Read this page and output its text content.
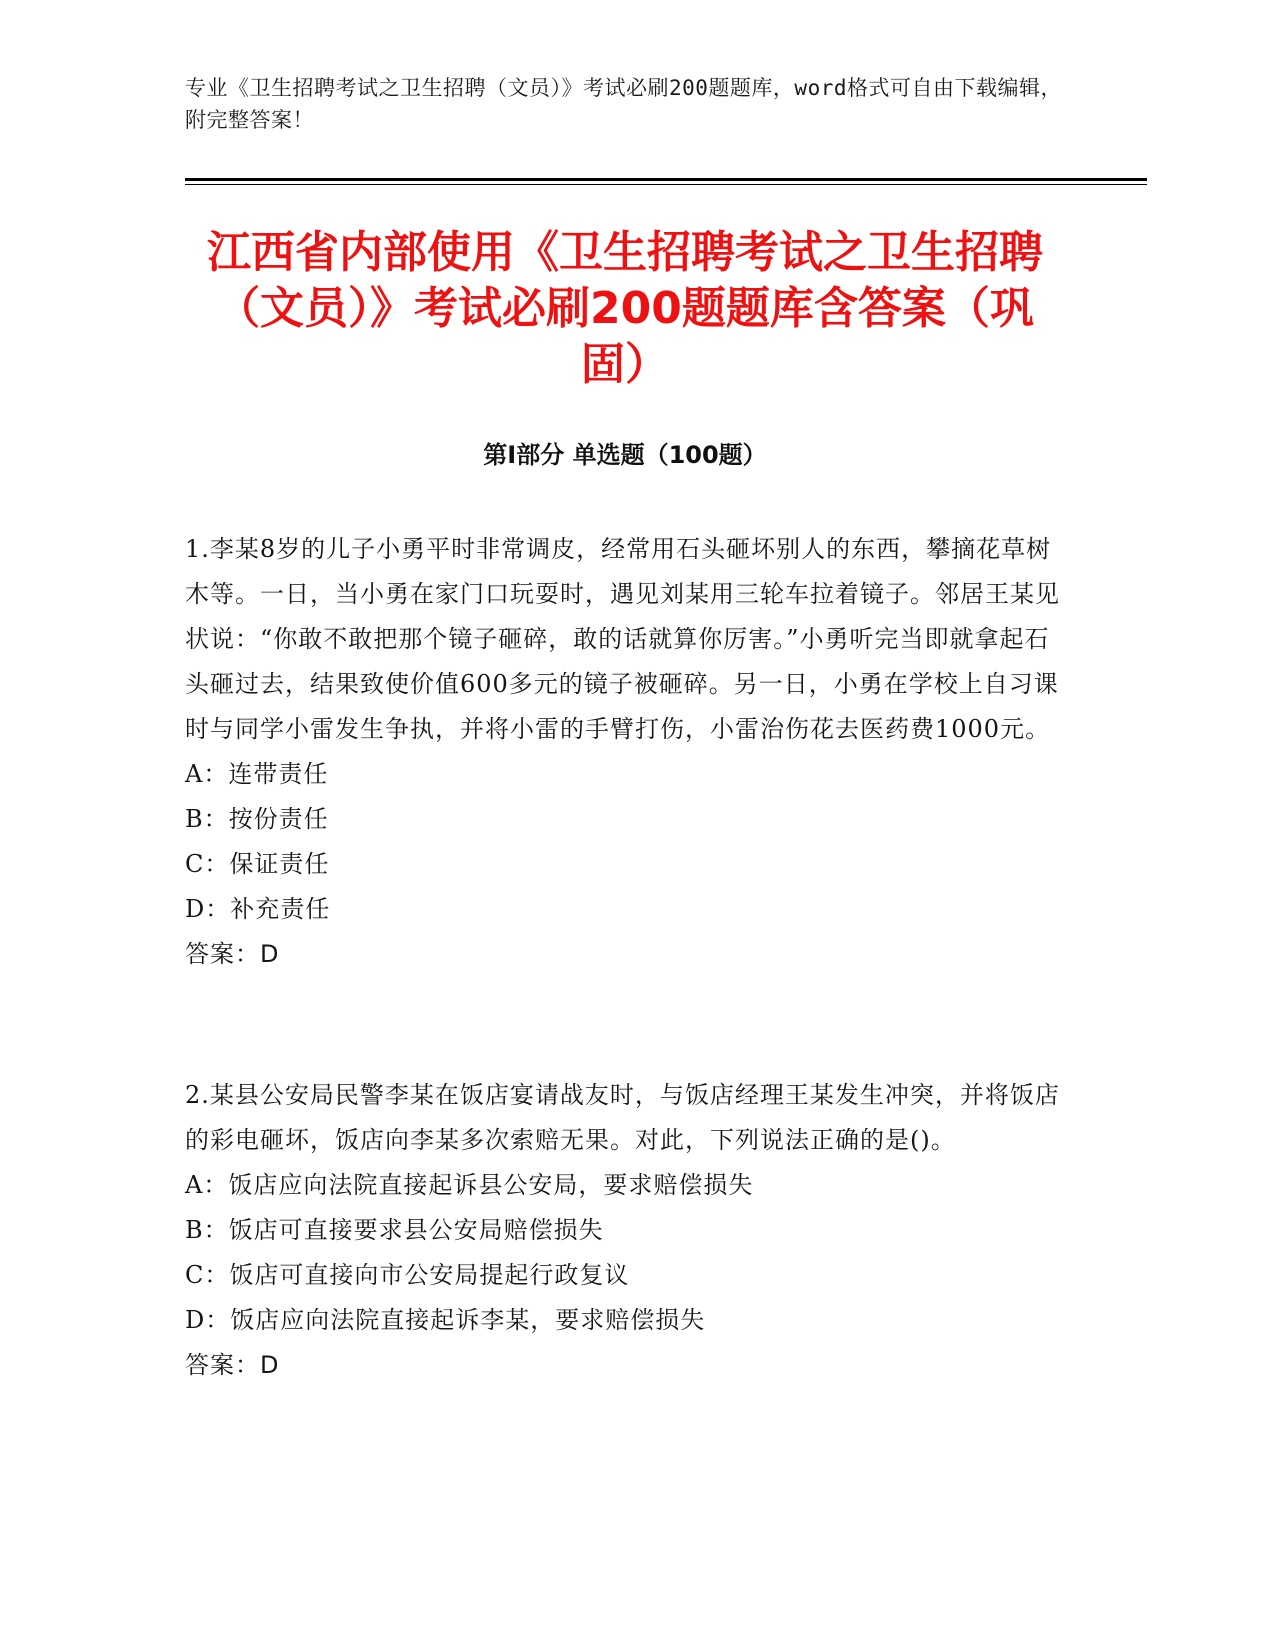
专业《卫生招聘考试之卫生招聘（文员）》考试必刷200题题库，word格式可自由下载编辑，附完整答案！
江西省内部使用《卫生招聘考试之卫生招聘（文员）》考试必刷200题题库含答案（巩固）
第Ⅰ部分 单选题（100题）

1.李某8岁的儿子小勇平时非常调皮，经常用石头砸坏别人的东西，攀摘花草树木等。一日，当小勇在家门口玩耍时，遇见刘某用三轮车拉着镜子。邻居王某见状说：“你敢不敢把那个镜子砸碎，敢的话就算你厉害。”小勇听完当即就拿起石头砸过去，结果致使价值600多元的镜子被砸碎。另一日，小勇在学校上自习课时与同学小雷发生争执，并将小雷的手臂打伤，小雷治伤花去医药费1000元。

A：连带责任

B：按份责任

C：保证责任

D：补充责任

答案：D

2.某县公安局民警李某在饭店宴请战友时，与饭店经理王某发生冲突，并将饭店的彩电砸坏，饭店向李某多次索赔无果。对此，下列说法正确的是()。

A：饭店应向法院直接起诉县公安局，要求赔偿损失

B：饭店可直接要求县公安局赔偿损失

C：饭店可直接向市公安局提起行政复议

D：饭店应向法院直接起诉李某，要求赔偿损失

答案：D
